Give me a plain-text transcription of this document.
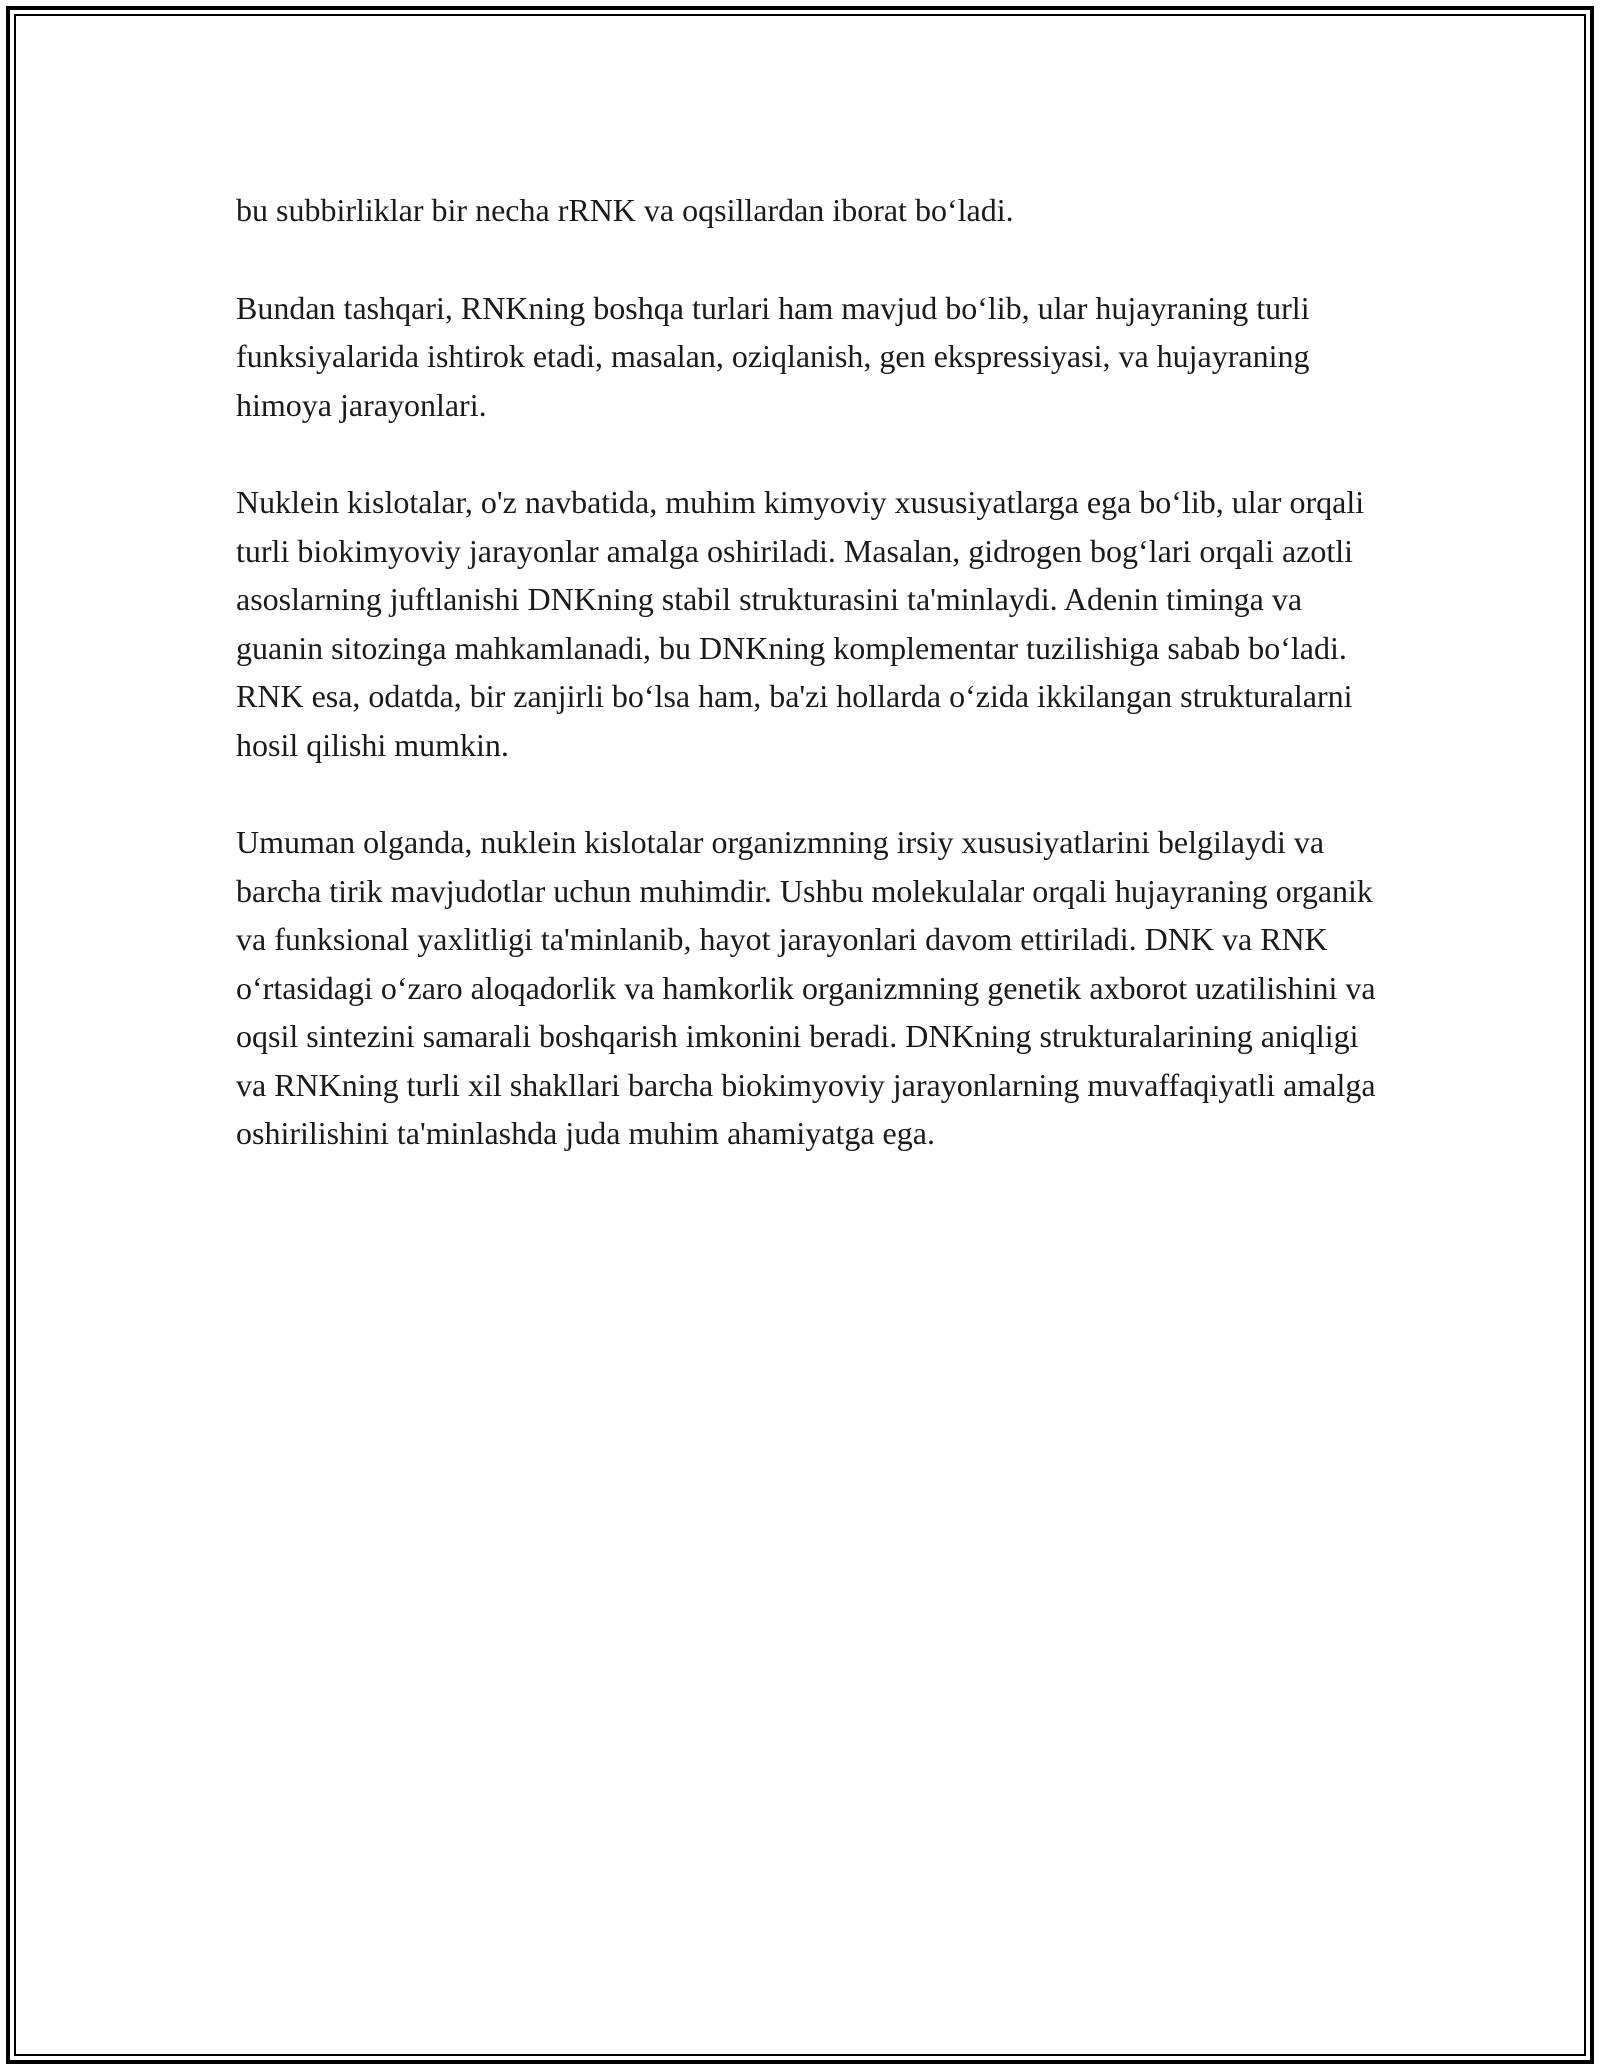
bu subbirliklar bir necha rRNK va oqsillardan iborat bo‘ladi.

Bundan tashqari, RNKning boshqa turlari ham mavjud bo‘lib, ular hujayraning turli funksiyalarida ishtirok etadi, masalan, oziqlanish, gen ekspressiyasi, va hujayraning himoya jarayonlari.

Nuklein kislotalar, o'z navbatida, muhim kimyoviy xususiyatlarga ega bo‘lib, ular orqali turli biokimyoviy jarayonlar amalga oshiriladi. Masalan, gidrogen bog‘lari orqali azotli asoslarning juftlanishi DNKning stabil strukturasini ta'minlaydi. Adenin timinga va guanin sitozinga mahkamlanadi, bu DNKning komplementar tuzilishiga sabab bo‘ladi. RNK esa, odatda, bir zanjirli bo‘lsa ham, ba'zi hollarda o‘zida ikkilangan strukturalarni hosil qilishi mumkin.

Umuman olganda, nuklein kislotalar organizmning irsiy xususiyatlarini belgilaydi va barcha tirik mavjudotlar uchun muhimdir. Ushbu molekulalar orqali hujayraning organik va funksional yaxlitligi ta'minlanib, hayot jarayonlari davom ettiriladi. DNK va RNK o‘rtasidagi o‘zaro aloqadorlik va hamkorlik organizmning genetik axborot uzatilishini va oqsil sintezini samarali boshqarish imkonini beradi. DNKning strukturalarining aniqligi va RNKning turli xil shakllari barcha biokimyoviy jarayonlarning muvaffaqiyatli amalga oshirilishini ta'minlashda juda muhim ahamiyatga ega.
